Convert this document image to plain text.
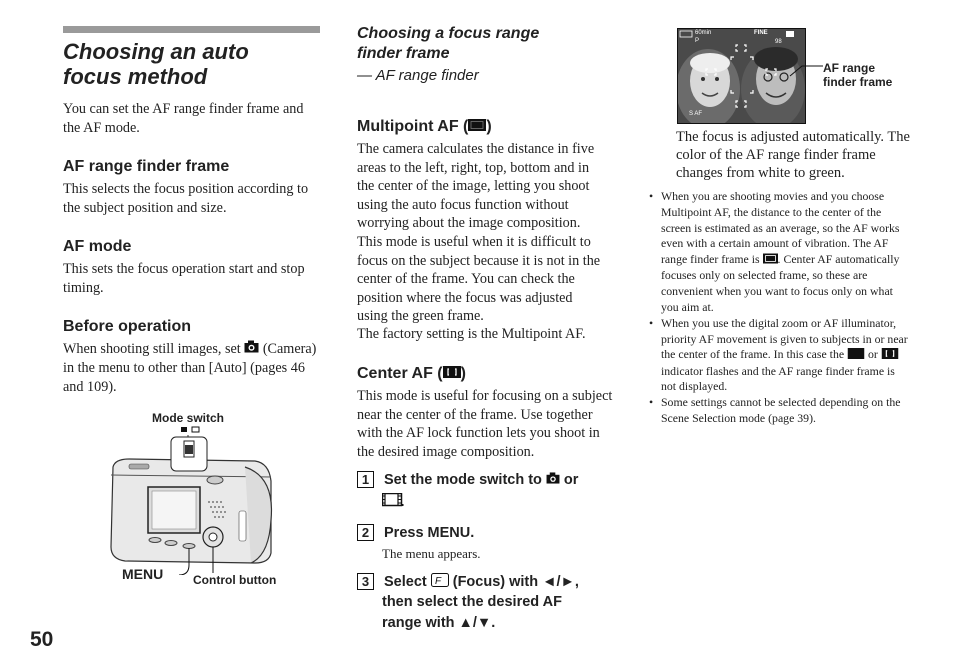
Choosing an auto focus method
You can set the AF range finder frame and the AF mode.
AF range finder frame
This selects the focus position according to the subject position and size.
AF mode
This sets the focus operation start and stop timing.
Before operation
When shooting still images, set (Camera) in the menu to other than [Auto] (pages 46 and 109).
Mode switch
MENU Control button
50
Choosing a focus range
finder frame
— AF range finder
Multipoint AF ( )
The camera calculates the distance in five areas to the left, right, top, bottom and in the center of the image, letting you shoot using the auto focus function without worrying about the image composition. This mode is useful when it is difficult to focus on the subject because it is not in the center of the frame. You can check the position where the focus was adjusted using the green frame.
The factory setting is the Multipoint AF.
Center AF ( )
This mode is useful for focusing on a subject near the center of the frame. Use together with the AF lock function lets you shoot in the desired image composition.
1 Set the mode switch to or
2 Press MENU.
The menu appears.
3 Select F (Focus) with ◄/►,
then select the desired AF
range with ▲/▼.
60min	FINE
98
P
S AF
AF range finder frame
The focus is adjusted automatically. The color of the AF range finder frame changes from white to green.
• When you are shooting movies and you choose Multipoint AF, the distance to the center of the screen is estimated as an average, so the AF works even with a certain amount of vibration. The AF range finder frame is . Center AF automatically focuses only on selected frame, so these are convenient when you want to focus only on what you aim at.
• When you use the digital zoom or AF illuminator, priority AF movement is given to subjects in or near the center of the frame. In this case the or  indicator flashes and the AF range finder frame is not displayed.
• Some settings cannot be selected depending on the Scene Selection mode (page 39).
